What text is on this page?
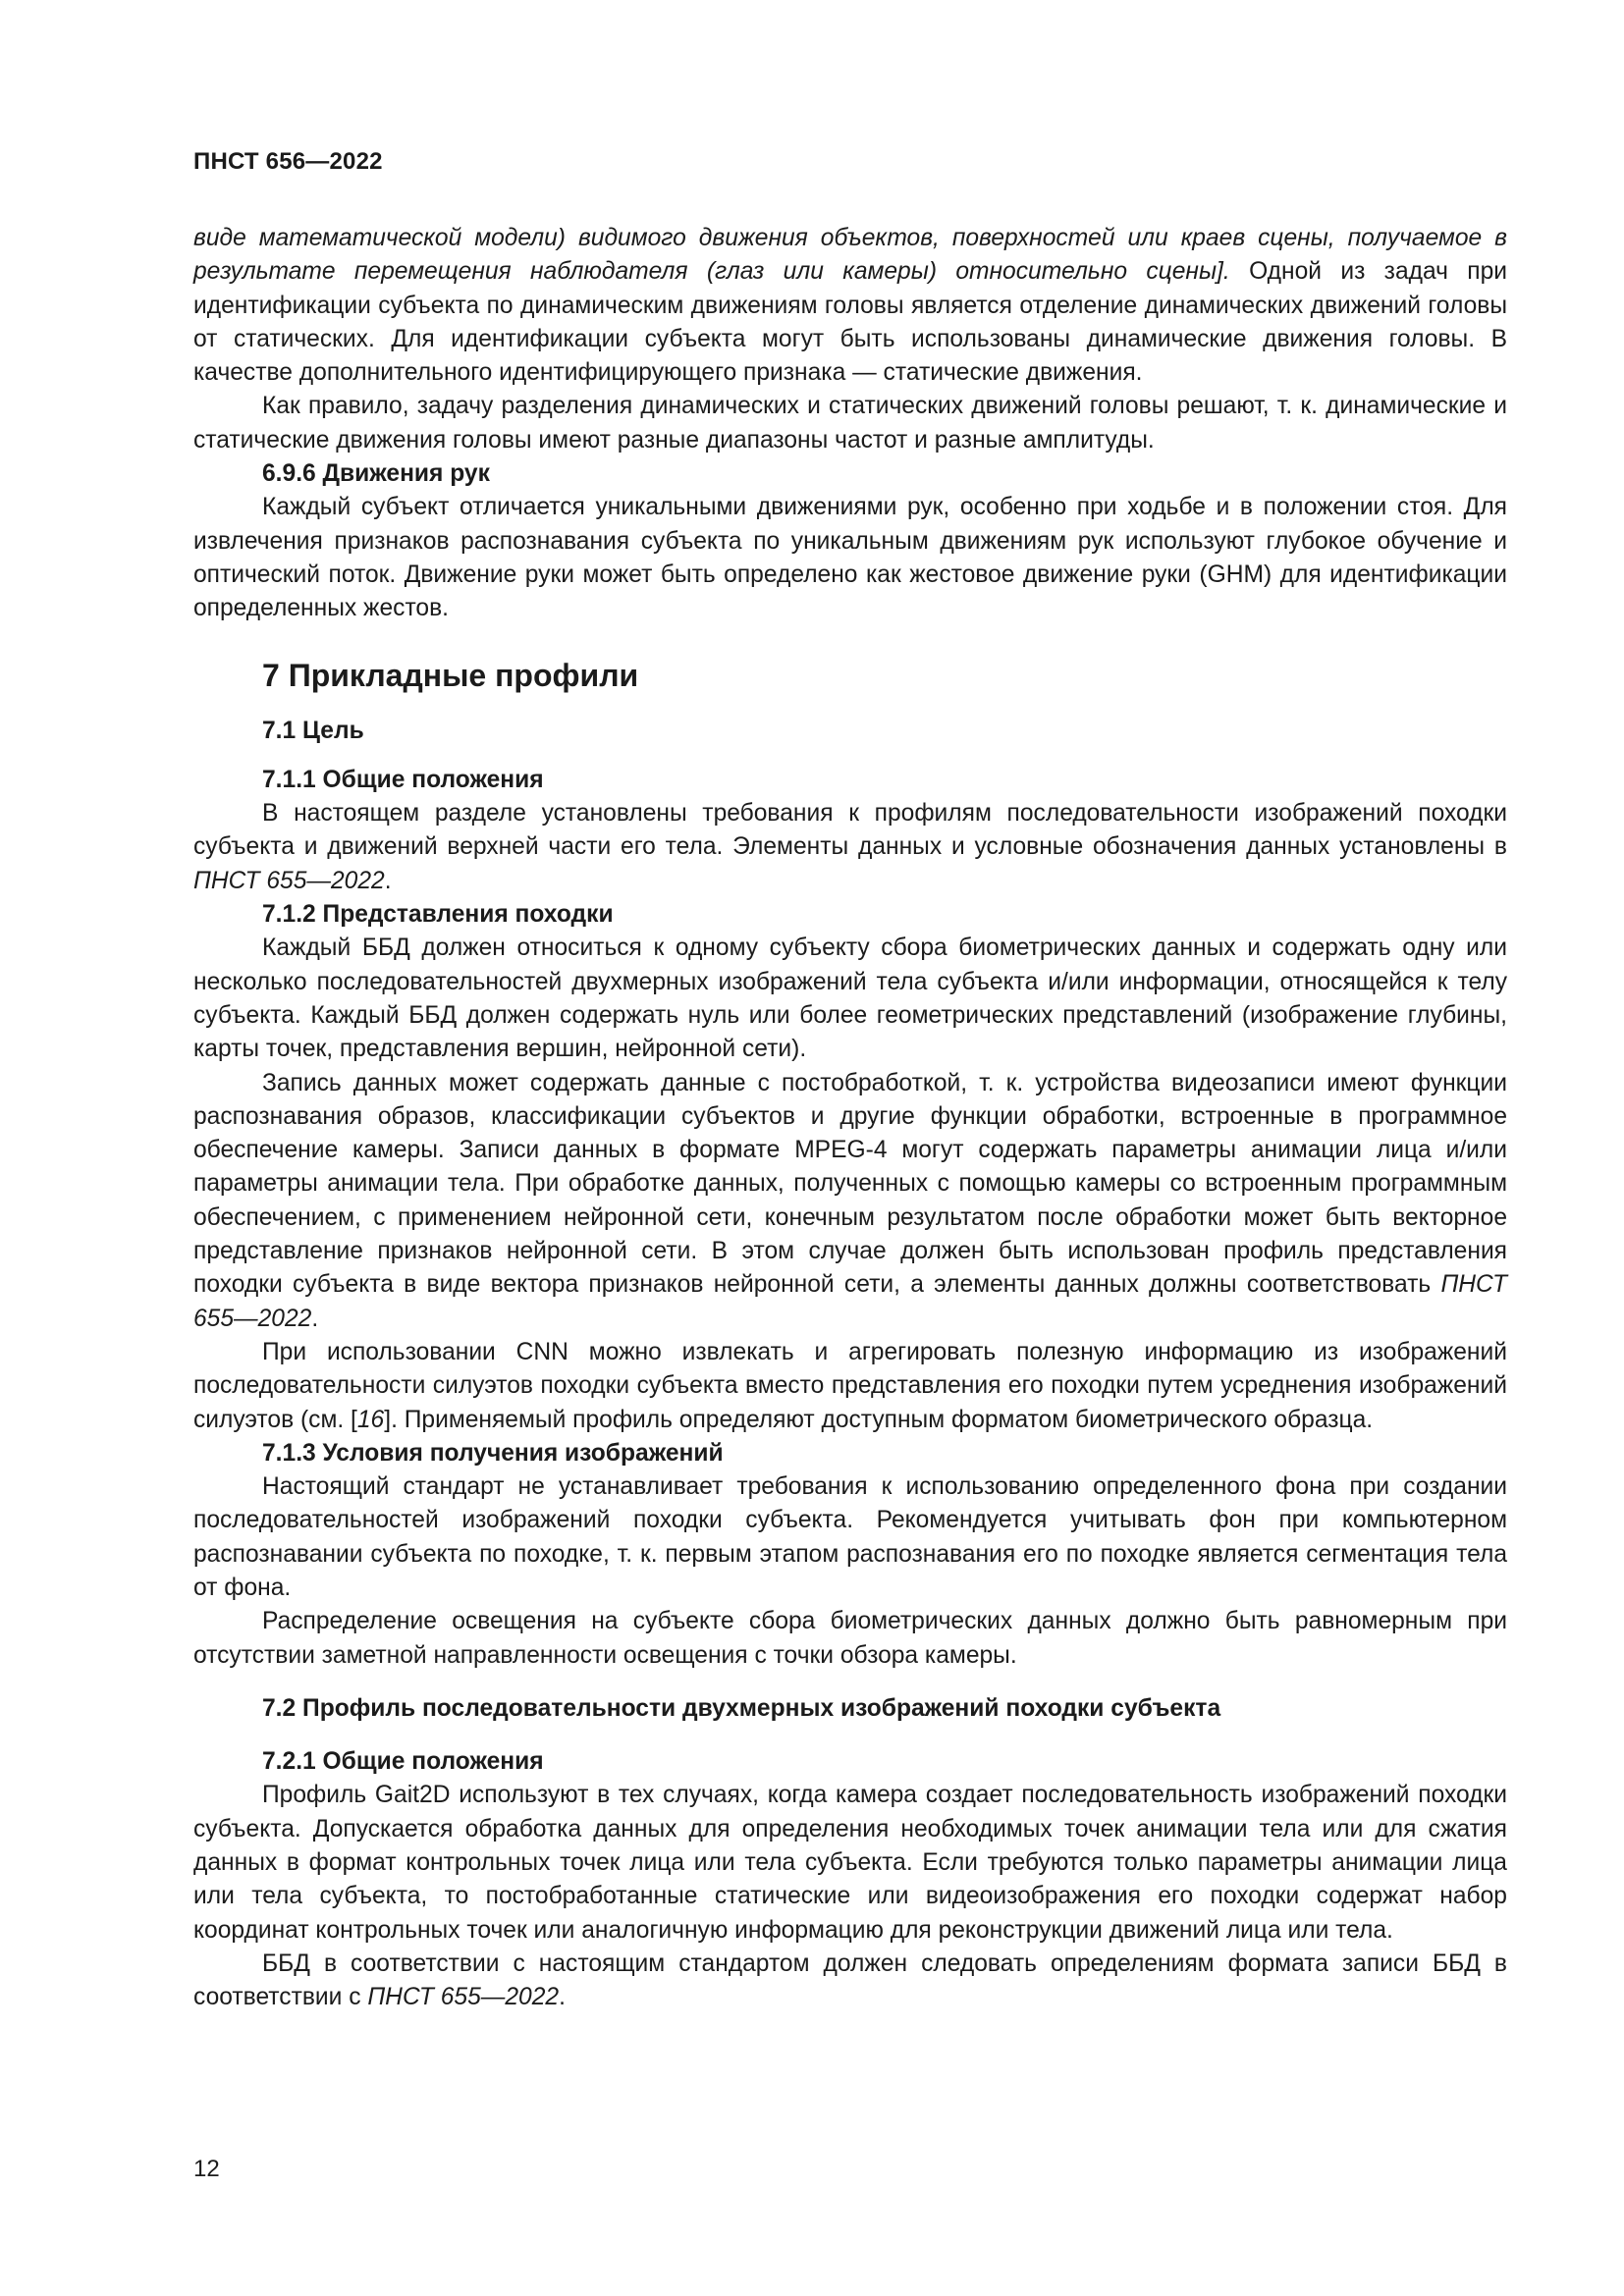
ПНСТ 656—2022

виде математической модели) видимого движения объектов, поверхностей или краев сцены, получаемое в результате перемещения наблюдателя (глаз или камеры) относительно сцены]. Одной из задач при идентификации субъекта по динамическим движениям головы является отделение динамических движений головы от статических. Для идентификации субъекта могут быть использованы динамические движения головы. В качестве дополнительного идентифицирующего признака — статические движения.

Как правило, задачу разделения динамических и статических движений головы решают, т. к. динамические и статические движения головы имеют разные диапазоны частот и разные амплитуды.

6.9.6 Движения рук

Каждый субъект отличается уникальными движениями рук, особенно при ходьбе и в положении стоя. Для извлечения признаков распознавания субъекта по уникальным движениям рук используют глубокое обучение и оптический поток. Движение руки может быть определено как жестовое движение руки (GHM) для идентификации определенных жестов.

7 Прикладные профили

7.1 Цель

7.1.1 Общие положения

В настоящем разделе установлены требования к профилям последовательности изображений походки субъекта и движений верхней части его тела. Элементы данных и условные обозначения данных установлены в ПНСТ 655—2022.

7.1.2 Представления походки

Каждый ББД должен относиться к одному субъекту сбора биометрических данных и содержать одну или несколько последовательностей двухмерных изображений тела субъекта и/или информации, относящейся к телу субъекта. Каждый ББД должен содержать нуль или более геометрических представлений (изображение глубины, карты точек, представления вершин, нейронной сети).

Запись данных может содержать данные с постобработкой, т. к. устройства видеозаписи имеют функции распознавания образов, классификации субъектов и другие функции обработки, встроенные в программное обеспечение камеры. Записи данных в формате MPEG-4 могут содержать параметры анимации лица и/или параметры анимации тела. При обработке данных, полученных с помощью камеры со встроенным программным обеспечением, с применением нейронной сети, конечным результатом после обработки может быть векторное представление признаков нейронной сети. В этом случае должен быть использован профиль представления походки субъекта в виде вектора признаков нейронной сети, а элементы данных должны соответствовать ПНСТ 655—2022.

При использовании CNN можно извлекать и агрегировать полезную информацию из изображений последовательности силуэтов походки субъекта вместо представления его походки путем усреднения изображений силуэтов (см. [16]. Применяемый профиль определяют доступным форматом биометрического образца.

7.1.3 Условия получения изображений

Настоящий стандарт не устанавливает требования к использованию определенного фона при создании последовательностей изображений походки субъекта. Рекомендуется учитывать фон при компьютерном распознавании субъекта по походке, т. к. первым этапом распознавания его по походке является сегментация тела от фона.

Распределение освещения на субъекте сбора биометрических данных должно быть равномерным при отсутствии заметной направленности освещения с точки обзора камеры.

7.2 Профиль последовательности двухмерных изображений походки субъекта

7.2.1 Общие положения

Профиль Gait2D используют в тех случаях, когда камера создает последовательность изображений походки субъекта. Допускается обработка данных для определения необходимых точек анимации тела или для сжатия данных в формат контрольных точек лица или тела субъекта. Если требуются только параметры анимации лица или тела субъекта, то постобработанные статические или видеоизображения его походки содержат набор координат контрольных точек или аналогичную информацию для реконструкции движений лица или тела.

ББД в соответствии с настоящим стандартом должен следовать определениям формата записи ББД в соответствии с ПНСТ 655—2022.

12
